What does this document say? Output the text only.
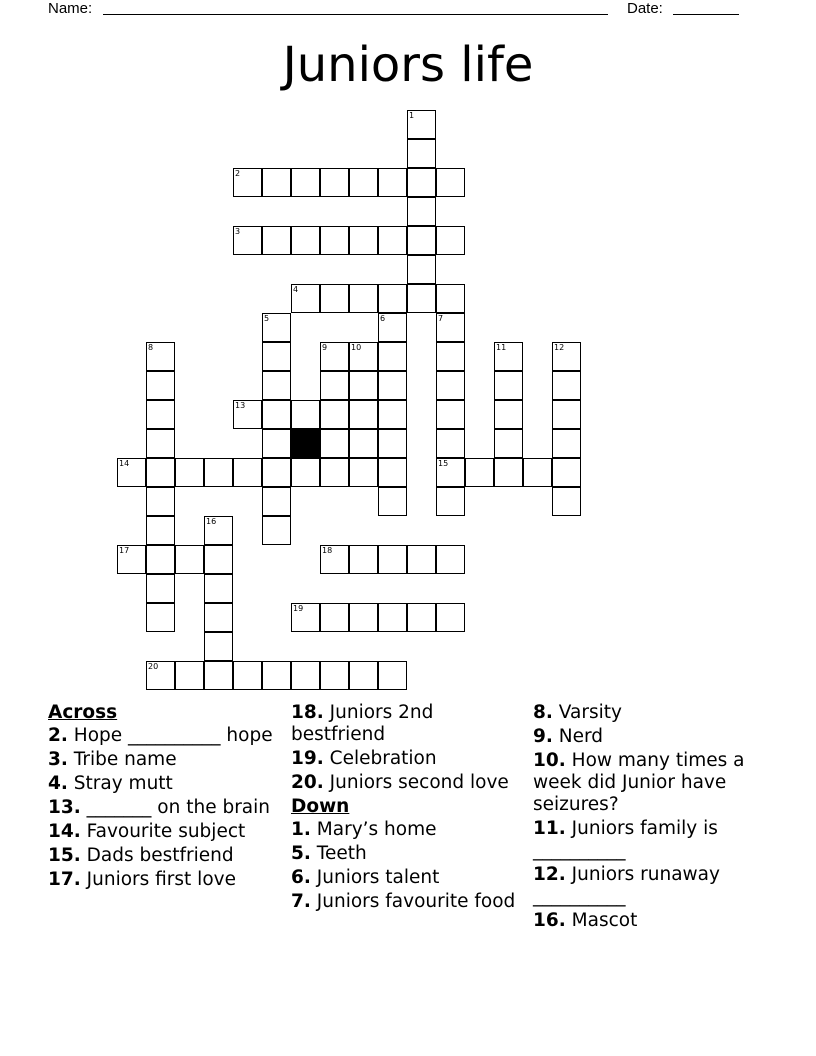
Name:	Date:
Juniors life
1
2
3
4
5	6	7
8	9	10	11	12
13
14	15
16
17	18
19
20
Across
2. Hope __________ hope
3. Tribe name
4. Stray mutt
13. _______ on the brain
14. Favourite subject
15. Dads bestfriend
17. Juniors first love
18. Juniors 2nd bestfriend
19. Celebration
20. Juniors second love
Down
1. Mary’s home
5. Teeth
6. Juniors talent
7. Juniors favourite food
8. Varsity
9. Nerd
10. How many times a week did Junior have seizures?
11. Juniors family is __________
12. Juniors runaway __________
16. Mascot
